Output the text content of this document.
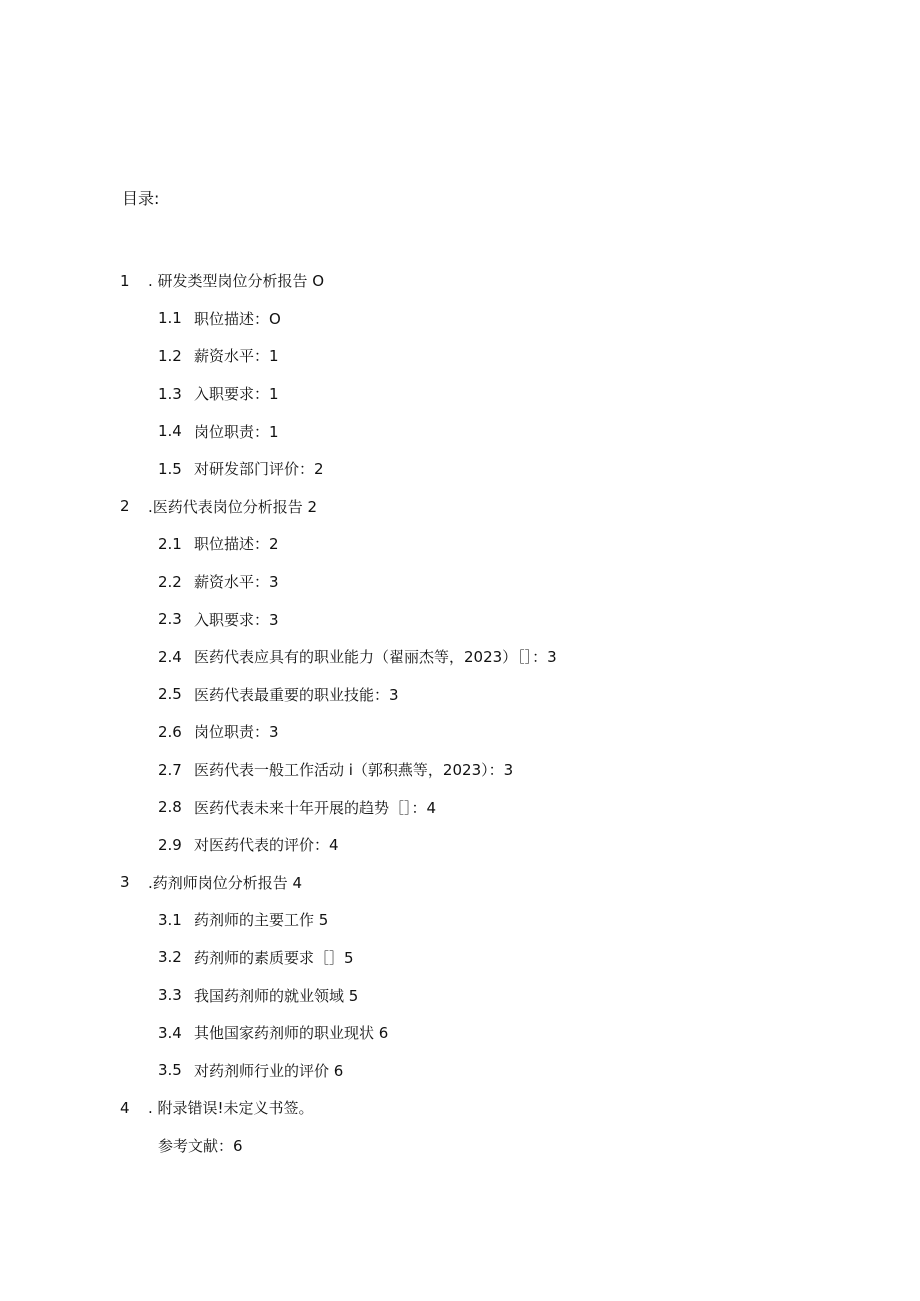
目录:
1	. 研发类型岗位分析报告 O
1.1 职位描述：O
1.2 薪资水平：1
1.3 入职要求：1
1.4 岗位职责：1
1.5 对研发部门评价：2
2	.医药代表岗位分析报告 2
2.1 职位描述：2
2.2 薪资水平：3
2.3 入职要求：3
2.4 医药代表应具有的职业能力（翟丽杰等，2023）［］：3
2.5 医药代表最重要的职业技能：3
2.6 岗位职责：3
2.7 医药代表一般工作活动 i（郭积燕等，2023）：3
2.8 医药代表未来十年开展的趋势［］：4
2.9 对医药代表的评价：4
3	.药剂师岗位分析报告 4
3.1 药剂师的主要工作 5
3.2 药剂师的素质要求［］5
3.3 我国药剂师的就业领域 5
3.4 其他国家药剂师的职业现状 6
3.5 对药剂师行业的评价 6
4	. 附录错误!未定义书签。
参考文献：6
